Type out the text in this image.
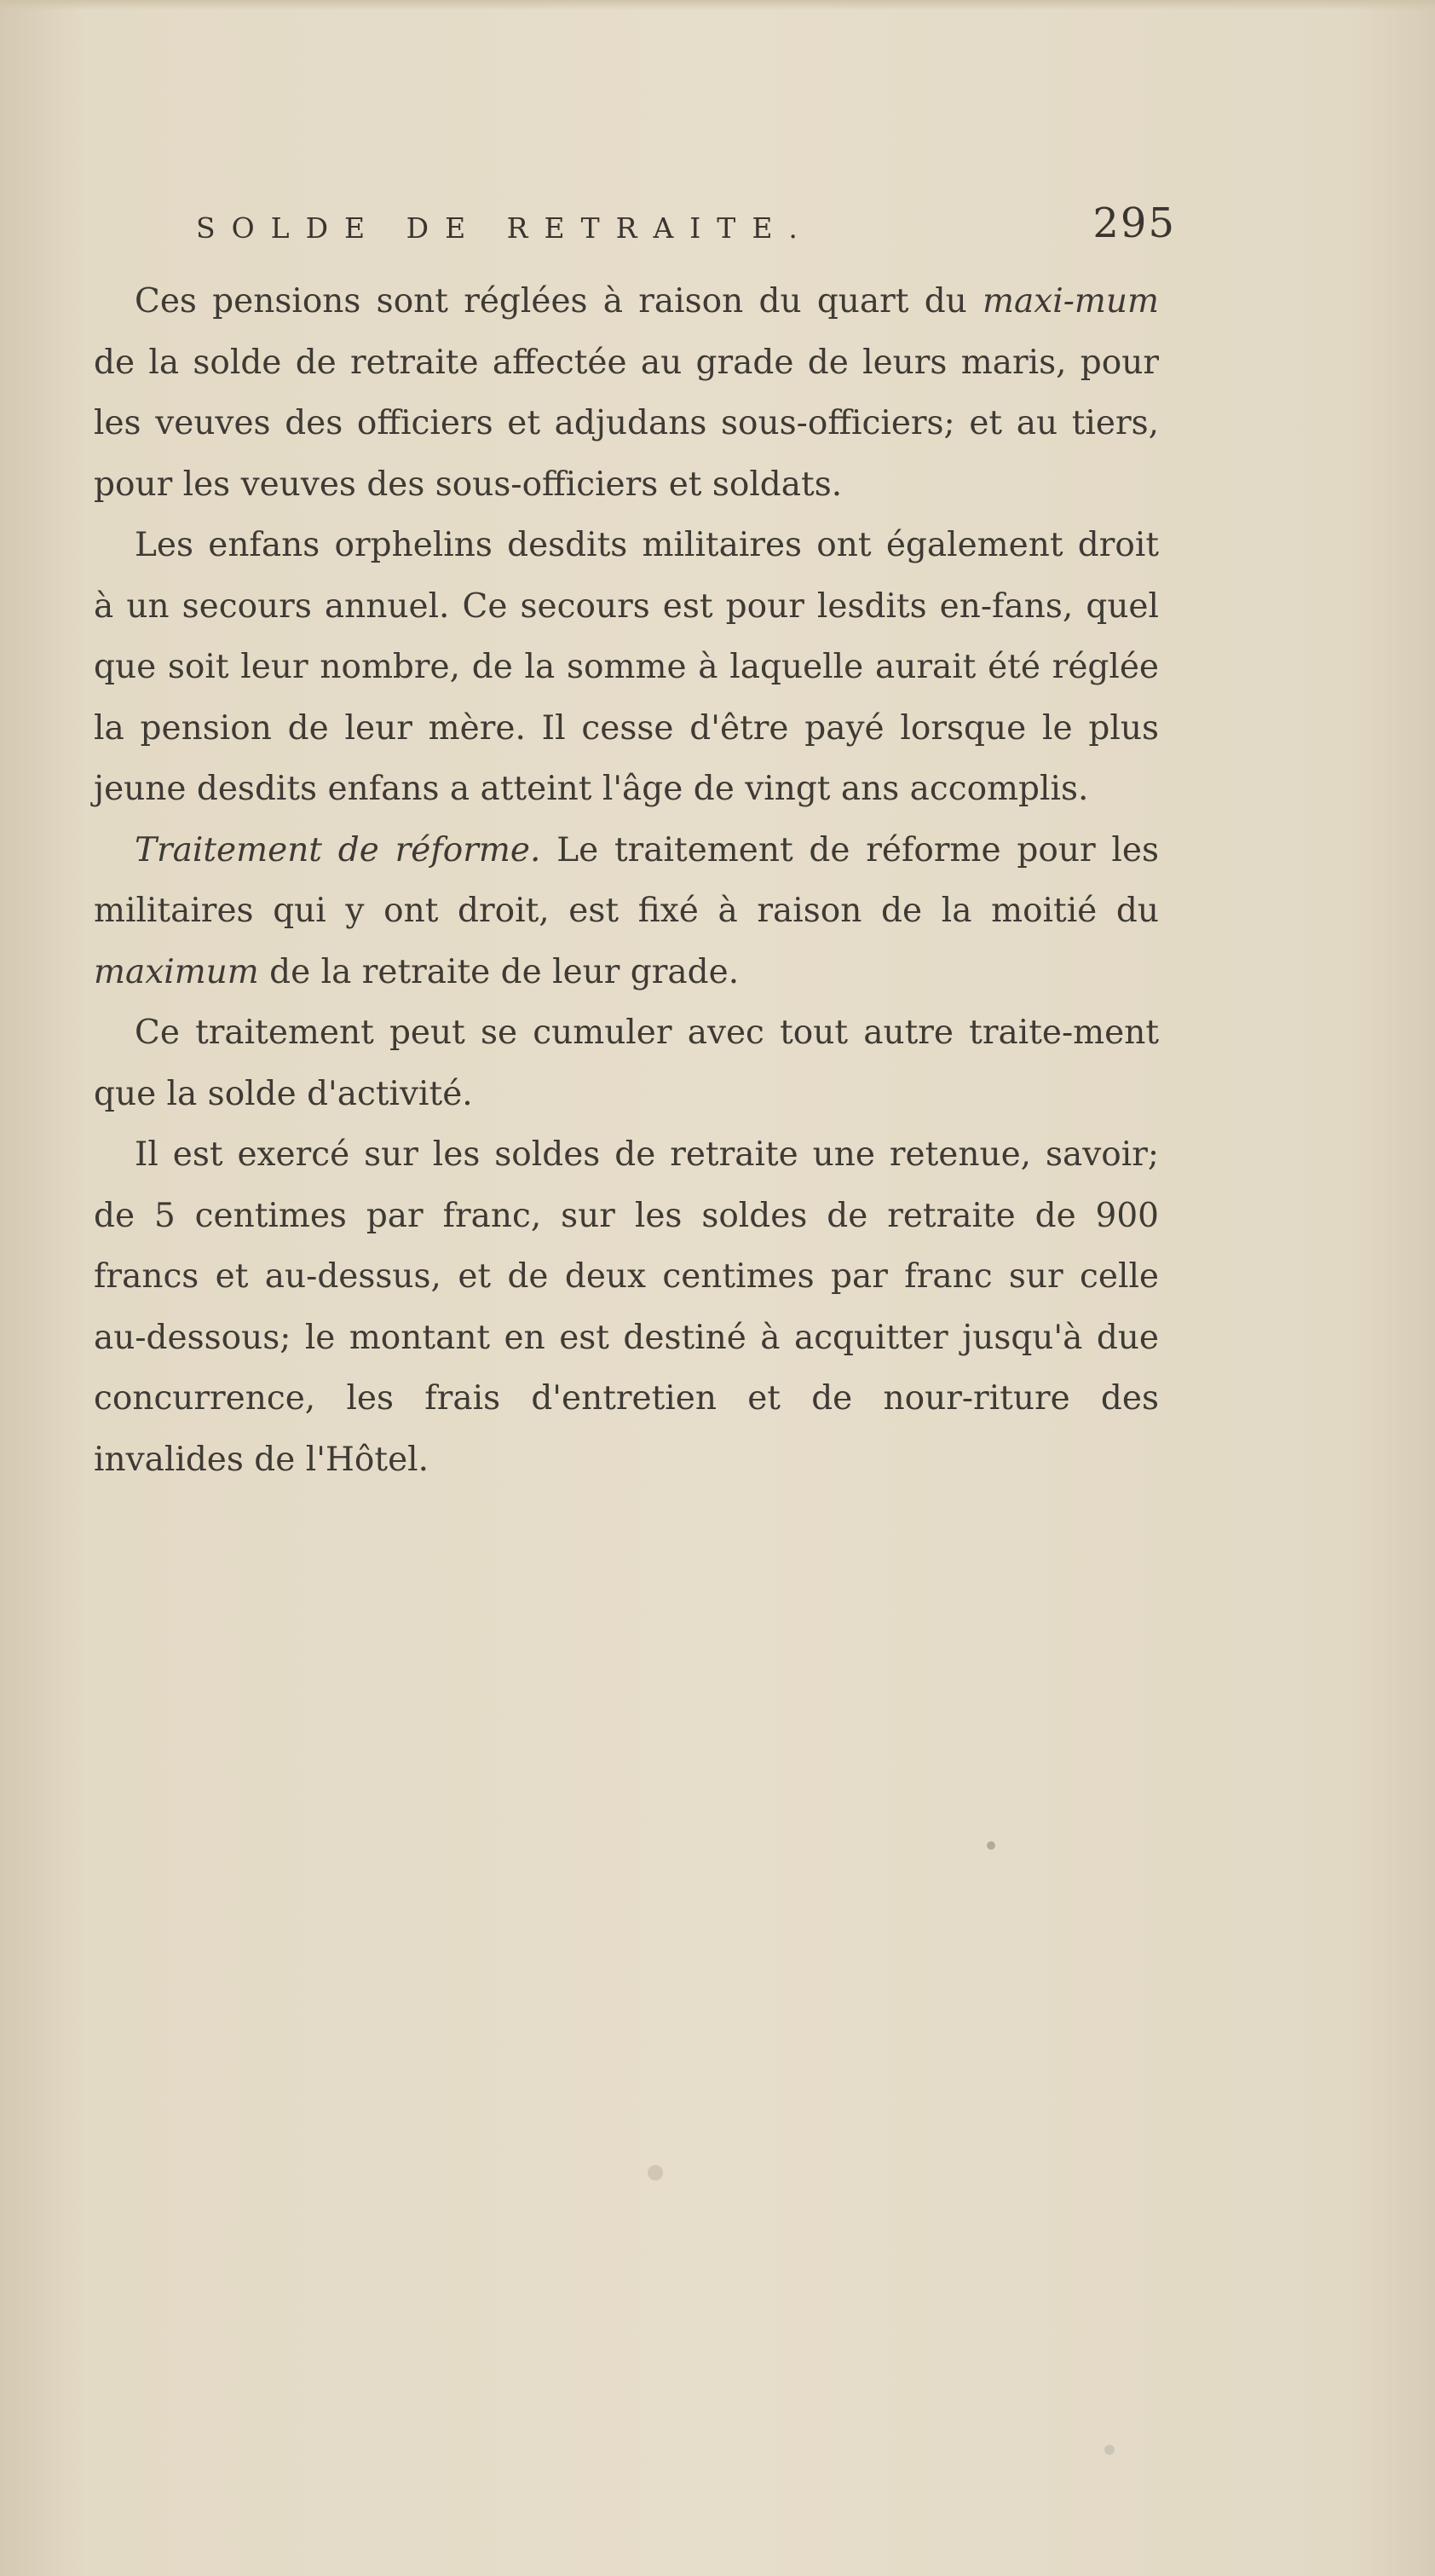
SOLDE DE RETRAITE.	295

Ces pensions sont réglées à raison du quart du maxi-mum de la solde de retraite affectée au grade de leurs maris, pour les veuves des officiers et adjudans sous-officiers; et au tiers, pour les veuves des sous-officiers et soldats.

Les enfans orphelins desdits militaires ont également droit à un secours annuel. Ce secours est pour lesdits en-fans, quel que soit leur nombre, de la somme à laquelle aurait été réglée la pension de leur mère. Il cesse d'être payé lorsque le plus jeune desdits enfans a atteint l'âge de vingt ans accomplis.

Traitement de réforme. Le traitement de réforme pour les militaires qui y ont droit, est fixé à raison de la moitié du maximum de la retraite de leur grade.

Ce traitement peut se cumuler avec tout autre traite-ment que la solde d'activité.

Il est exercé sur les soldes de retraite une retenue, savoir; de 5 centimes par franc, sur les soldes de retraite de 900 francs et au-dessus, et de deux centimes par franc sur celle au-dessous; le montant en est destiné à acquitter jusqu'à due concurrence, les frais d'entretien et de nour-riture des invalides de l'Hôtel.
